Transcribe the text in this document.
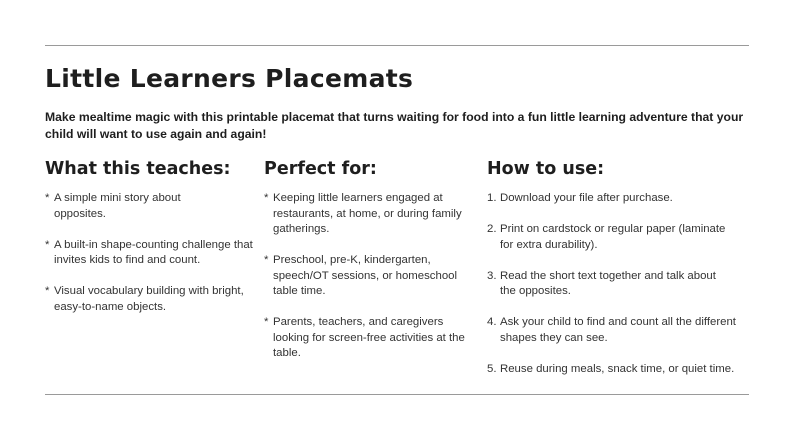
Little Learners Placemats
Make mealtime magic with this printable placemat that turns waiting for food into a fun little learning adventure that your child will want to use again and again!
What this teaches:
* A simple mini story about opposites.
* A built-in shape-counting challenge that invites kids to find and count.
* Visual vocabulary building with bright, easy-to-name objects.
Perfect for:
* Keeping little learners engaged at restaurants, at home, or during family gatherings.
* Preschool, pre-K, kindergarten, speech/OT sessions, or homeschool table time.
* Parents, teachers, and caregivers looking for screen-free activities at the table.
How to use:
1. Download your file after purchase.
2. Print on cardstock or regular paper (laminate for extra durability).
3. Read the short text together and talk about the opposites.
4. Ask your child to find and count all the different shapes they can see.
5. Reuse during meals, snack time, or quiet time.
